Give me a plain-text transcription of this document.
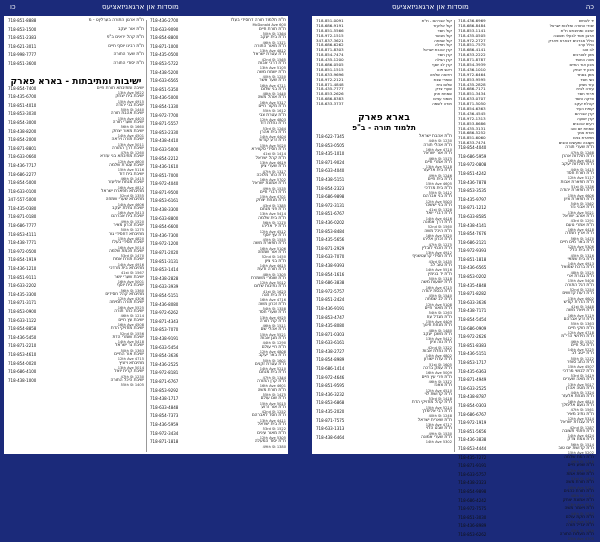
כו	מוסדות און ארגאניזאציעס	מוסדות און ארגאניזאציעס	כה
718-851-8888	ת"ת ארגון התורה בערליןט - מ
718-853-1500	ת"ת אור יעקב
718-851-2383	ת"ת קהל יראים ב"פ
718-621-3011	ת"ת רבינו יוסף חיים
718-998-7777	ת"ת שער התורה
718-851-3600	ת"ת יסודי התורה
ישיבות ומתיבתות - בארא פארק
718-854-7400	ישיבה ומתיבתא תורת חיים
5622 13th Ave
718-435-6700	ישיבת בית יצחק
4915 15th Ave
718-851-4010	ישיבת בני יהודה
1440 50th St
718-853-3030	ישיבת אהבת תורה
4403 15th Ave
718-854-3000	ישיבת שערי תורה
1660 56th St
718-438-8200	ישיבת מאור יצחק
4501 14th Ave
718-854-2000	ישיבת תורה ויראה
5011 13th Ave
718-871-8801	ישיבת דרך התורה
1260 47th St
718-633-0660	ישיבת מתיבתא בני עזרא
4600 12th Ave
718-436-7717	ישיבת עטרת שלמה
5116 15th Ave
718-686-2277	ישיבת בית דוד
1415 46th St
718-854-5000	ישיבת מנחת אליעזר
4812 16th Ave
718-633-0100	מתיבתא תפארת ישראל
1355 52nd St
347-557-5000	מתיבתא שערי שמחה
4606 14th Ave
718-435-0380	ישיבת נחלת יעקב
5413 16th Ave
718-871-0180	ישיבת בית אברהם
1520 49th St
718-686-7777	ישיבת זכרון מאיר
1275 50th St
718-853-4111	מתיבתא דחסידי גור
4820 15th Ave
718-438-7771	ישיבת חסידי בעלז
5014 16th Ave
718-972-0500	ישיבת חכמת שלמה
1470 53rd St
718-854-1919	ישיבת תורת אמת
4916 14th Ave
718-436-1210	מתיבתא בית מרדכי
1567 41st St
718-851-9111	ישיבת שערי יושר
5001 16th Ave
718-633-2202	ישיבת בית יוסף
1360 56th St
718-435-3300	מתיבתא קהל חסידים
4306 12th Ave
718-871-3171	ישיבת תורה תמימה
5525 16th Ave
718-853-0900	ישיבת כתר תורה
1214 46th St
718-633-1122	ישיבת עץ חיים
4508 16th Ave
718-854-8858	ישיבת מחזיקי הדת
1556 52nd St
718-436-5450	ישיבת שומרי הדת
5418 14th Ave
718-871-2210	ישיבת נר ישראל
1363 50th St
718-853-4610	ישיבת אור החיים
4715 12th Ave
718-854-0020	מתיבתא ויזניץ
5014 13th Ave
718-686-4100	ישיבת קרית יואל
1230 47th St
718-438-1000	ישיבת היכל התורה
1405 55th St
718-436-2700	ת"ת תלמוד תורה דחסידי בעלז
600 McDonald Ave
718-633-9090	ת"ת תורת חיים
1364 50th St
718-854-8800	ת"ת בית יעקב
1371 46th St
718-871-1000	ת"ת מאור התורה
4812 13th Ave
718-435-0500	ת"ת עטרת ישראל
1565 42nd St
718-853-5722	ת"ת דרכי אבות
5105 13th Ave
718-438-5200	ת"ת ישמח משה
1250 40th St
718-633-6565	ת"ת שער אשר
4711 16th Ave
718-851-5350	ת"ת בני שלום
1440 48th St
718-436-5000	ת"ת אוהל משה
5317 16th Ave
718-854-1330	ת"ת מקור חיים
1612 55th St
718-972-7700	ת"ת עטרת צבי
4803 12th Ave
718-871-5557	ת"ת נחלת דוד
1264 53rd St
718-853-2330	ת"ת בית אהרן
4404 14th Ave
718-438-4410	ת"ת זרע קודש
5020 15th Ave
718-633-5000	ת"ת חסידי סקווירא
1414 41st St
718-854-2212	ת"ת קהל ישראל
4619 13th Ave
718-436-1610	ת"ת שערי ציון
1317 47th St
718-851-7000	ת"ת כתר מלוכה
5702 16th Ave
718-972-4040	ת"ת אמונת ישראל
1535 49th St
718-871-9500	ת"ת דברי חיים
4701 15th Ave
718-853-6161	ת"ת מנחת יצחק
1385 43rd St
718-438-3300	ת"ת פני מנחם
5414 13th Ave
718-633-8800	ת"ת בית שלמה
1270 56th St
718-854-6600	ת"ת יד אליהו
4512 12th Ave
718-436-7300	ת"ת עץ יוסף
1555 45th St
718-972-1200	ת"ת תפארת משה
5106 16th Ave
718-871-2020	ת"ת אור שמחה
1450 52nd St
718-851-3131	ת"ת בני ציון
4615 14th Ave
718-853-1414	ת"ת תורה ודעת
1305 48th St
718-438-2828	ת"ת שומרי משמרת
5012 12th Ave
718-633-3939	ת"ת נתיבות שלום
1623 41st St
718-854-5151	ת"ת בית חנה
4716 16th Ave
718-436-8080	ת"ת זכרון משה
1358 54th St
718-972-6262	ת"ת שערי חסד
4925 13th Ave
718-871-4343	ת"ת קול תורה
1511 46th St
718-853-7070	ת"ת אהלי שם
5521 15th Ave
718-438-9191	ת"ת מגן אבות
1290 44th St
718-633-5454	ת"ת חיי עולם
4808 12th Ave
718-854-3636	ת"ת באר יעקב
1601 50th St
718-436-2525	ת"ת עטרת זקנים
5210 14th Ave
718-972-8181	ת"ת בית מנחם
1344 47th St
718-871-6767	ת"ת קרן התורה
4601 16th Ave
718-853-9292	ת"ת תורת משה
1475 55th St
718-438-1717	ת"ת שם עולם
5015 15th Ave
718-633-4848	ת"ת אור זרוע
1252 42nd St
718-854-7373	ת"ת חסד לאברהם
4411 13th Ave
718-436-5959	ת"ת בית ישראל
1522 53rd St
718-972-3434	ת"ת מאור עינים
5305 12th Ave
718-871-1818	ת"ת יסוד המעלה
1380 49th St
718-851-0091	קול אברהם - ת"ת
718-686-9191	קול אליעזר
718-851-5566	קול חסד
718-972-1515	קול מבשר
347-837-3621	קול שמחה
718-686-6262	קול תפלה
718-871-8303	קרן אהבת ישראל
718-854-7474	קרן חסד
718-435-1200	קרן הצלה
718-686-0505	קרן לב יוסף
718-851-1515	ראש פנה
718-633-9696	רפואה שלמה
718-972-2121	שומרי שבת
718-871-4848	שלום בית
718-435-7777	שערי צדק
718-853-2626	שמחת חתן
718-686-8383	תומכי עניים
718-633-3737	תורה לשמה
בארא פארק
תלמוד תורה - ב"פ
718-622-7345	ת"ת אהבת ישראל
1230 44th St
718-853-0505	ת"ת אהלי תורה
4710 16th Ave
718-435-1010	ת"ת אור ישראל
1575 46th St
718-871-9024	ת"ת אמרי חיים
5218 13th Ave
718-633-4040	ת"ת בית אליעזר
1246 49th St
718-438-5151	ת"ת בית חיים
4605 15th Ave
718-854-2323	ת"ת בית מרדכי
1412 55th St
718-686-9898	ת"ת בני אברהם
5003 12th Ave
718-972-3131	ת"ת בני יששכר
1328 41st St
718-851-6767	ת"ת דברי יואל
4416 14th Ave
718-436-0202	ת"ת דרך אמונה
1560 52nd St
718-853-8484	ת"ת היכל משה
5320 16th Ave
718-435-5656	ת"ת זכרון אליהו
1275 47th St
718-871-2929	ת"ת חכמי לובלין
4912 13th Ave
718-633-7070	ת"ת חסידי קרעטשניף
1435 43rd St
718-438-9393	ת"ת טוב לב
5516 14th Ave
718-854-1616	ת"ת יד בנימין
1318 50th St
718-686-3838	ת"ת ישועות משה
4715 16th Ave
718-972-5757	ת"ת כנסת יהודה
1540 45th St
718-851-2424	ת"ת לב שמחה
5108 12th Ave
718-436-9191	ת"ת מאור חיים
1263 54th St
718-853-4747	ת"ת מגדל עוז
4409 15th Ave
718-435-8080	ת"ת מנחת חינוך
1480 48th St
718-871-0303	ת"ת משכן יעקב
5412 13th Ave
718-633-6161	ת"ת נוה ציון
1322 42nd St
718-438-2727	ת"ת נחלת אבות
4802 14th Ave
718-854-8989	ת"ת עדת ישורון
1605 51st St
718-686-1414	ת"ת עמק ברכה
5009 16th Ave
718-972-4646	ת"ת פרי עץ חיים
1372 46th St
718-851-9595	ת"ת צאנז
4510 12th Ave
718-436-3232	ת"ת קדושת לוי
1418 53rd St
718-853-6868	ת"ת קהל מחזיקי הדת
5214 15th Ave
718-435-2020	ת"ת רבי אלימלך
1248 40th St
718-871-7575	ת"ת שארית ישראל
4717 13th Ave
718-633-1313	ת"ת שבט הלוי
1530 49th St
718-438-6464	ת"ת שערי אמונה
5302 14th Ave
718-436-6969	יד לאחים
718-686-8484	יסודי התורה ומלכות ישראל
718-853-1141	ישיבה ומתיבתא ת"ת
718-435-0505	ארגון חסד לבעלי תשובה
718-972-2727	כולל אברכים דבארא פארק
718-851-7575	כולל ערב
718-686-4141	לב טוב
718-633-2222	מזון לנצרכים
718-871-8787	מטה החסד
718-854-3939	מכון אור החיים
718-436-1010	מכון יד יצחק
718-972-6464	מתן בסתר
718-853-9595	נשי חסד
718-435-2828	עזר מציון
718-686-7171	עזרה לבית
718-851-3434	פרחי חסד
718-633-0707	צדקה וחסד
718-871-5050	קהלת יעקב
718-854-6363	קופת העיר
718-436-4545	קרן אברהם
718-972-1313	קרן ישועה
718-853-8686	רעים אהובים
718-435-3131	שמחת יום טוב
718-686-5252	תורת אמך
718-851-6060	תפארת בנים
718-633-7474	תשובה ומעשים טובים
718-854-4040	ת"ת שערי תורה
1268 47th St
718-686-5959	ת"ת תולדות אהרן
4814 16th Ave
718-972-0808	ת"ת תולדות יעקב
1415 44th St
718-851-4242	ת"ת תורת חסד
5117 12th Ave
718-436-7878	ת"ת תפארת אבות
1336 51st St
718-853-3535	ת"ת תפארת יהודה
4606 15th Ave
718-435-9797	ת"ת תפארת ציון
1562 54th St
718-871-1212	ת"ת אבני נזר
5021 13th Ave
718-633-8585	ת"ת אוהב ישראל
1291 43rd St
718-438-4141	ת"ת אמרי נועם
4418 16th Ave
718-854-7676	ת"ת ארץ חמדה
1470 56th St
718-686-2121	ת"ת באר מים חיים
5306 12th Ave
718-972-9393	ת"ת בית הלל
1316 45th St
718-851-1818	ת"ת בית שמאי
4913 14th Ave
718-436-6565	ת"ת ברכת שמואל
1525 48th St
718-853-0202	ת"ת גבורת ארי
5408 15th Ave
718-435-4848	ת"ת דגל התורה
1254 52nd St
718-871-8282	ת"ת דעת קדושים
4602 13th Ave
718-633-3636	ת"ת הדרת קודש
1448 41st St
718-438-7171	ת"ת ויואל משה
5119 16th Ave
718-854-5454	ת"ת זרע אברהם
1363 55th St
718-686-0909	ת"ת חוקי חיים
4718 12th Ave
718-972-2626	ת"ת חידושי הרי"מ
1537 46th St
718-851-8383	ת"ת טל חיים
5225 14th Ave
718-436-5151	ת"ת ייטב לב
1272 50th St
718-853-1717	ת"ת כתב סופר
4507 15th Ave
718-435-6363	ת"ת לבושי מרדכי
1419 53rd St
718-871-4949	ת"ת מאה שערים
5017 13th Ave
718-633-2525	ת"ת מטה אהרן
1324 44th St
718-438-8787	ת"ת מנחת אלעזר
4810 16th Ave
718-854-0303	ת"ת נועם אלימלך
1561 47th St
718-686-6767	ת"ת נתיב מאיר
5314 12th Ave
718-972-1919	ת"ת עבודת ישראל
1287 42nd St
718-851-5656	ת"ת פתחי תשובה
4424 14th Ave
718-436-3838	ת"ת צמח צדק
1514 56th St
718-853-4444	ת"ת קדושת יום טוב
5202 15th Ave
718-435-7272	ת"ת רמת שלמה
1378 49th St
718-871-9191	ת"ת שפע חיים
4619 12th Ave
718-633-5757	ת"ת שפת אמת
1453 51st St
718-438-2323	ת"ת תורת משה
5121 16th Ave
718-854-9898	ת"ת תורת כהנים
1240 48th St
718-686-4242	ת"ת אמונת יצחק
4512 13th Ave
718-972-7575	ת"ת ויאמר משה
1533 44th St
718-851-3030	ת"ת חקת עולם
5410 14th Ave
718-436-8989	ת"ת יגדיל תורה
1366 45th St
718-853-6262	ת"ת מעלות התורה
4705 15th Ave
